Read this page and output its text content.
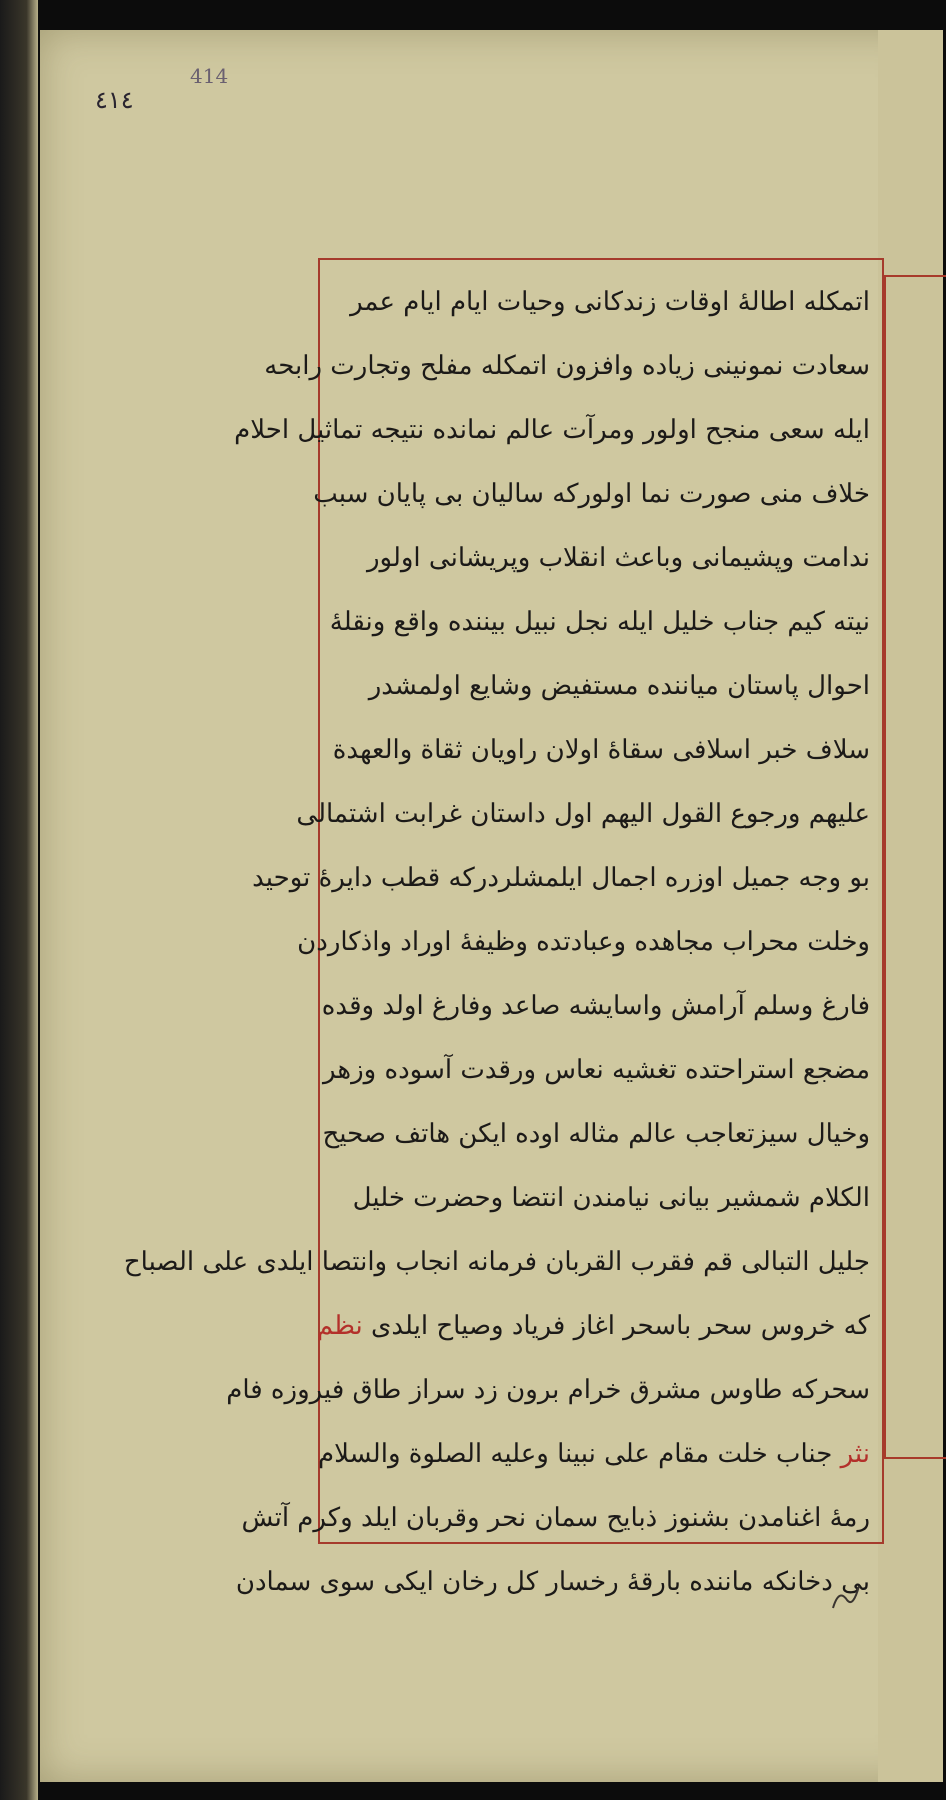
414
٤١٤
اتمکله اطالهٔ اوقات زندکانی وحیات ایام ایام عمر
سعادت نمونینی زیاده وافزون اتمکله مفلح وتجارت رابحه
ایله سعی منجح اولور ومرآت عالم نمانده نتیجه تماثیل احلام
خلاف منی صورت نما اولورکه سالیان بی پایان سبب
ندامت وپشیمانی وباعث انقلاب وپریشانی اولور
نیته کیم جناب خلیل ایله نجل نبیل بیننده واقع ونقلهٔ
احوال پاستان میاننده مستفیض وشایع اولمشدر
سلاف خبر اسلافی سقاهٔ اولان راویان ثقاة والعهدة
علیهم ورجوع القول الیهم اول داستان غرابت اشتمالی
بو وجه جمیل اوزره اجمال ایلمشلردرکه قطب دایرهٔ توحید
وخلت محراب مجاهده وعبادتده وظیفهٔ اوراد واذکاردن
فارغ وسلم آرامش واسایشه صاعد وفارغ اولد وقده
مضجع استراحتده تغشیه نعاس ورقدت آسوده وزهر
وخیال سیزتعاجب عالم مثاله اوده ایکن هاتف صحیح
الکلام شمشیر بیانی نیامندن انتضا وحضرت خلیل
جلیل التبالی قم فقرب القربان فرمانه انجاب وانتصا ایلدی علی الصباح
که خروس سحر باسحر اغاز فریاد وصیاح ایلدی نظم
سحرکه طاوس مشرق خرام برون زد سراز طاق فیروزه فام
نثر جناب خلت مقام علی نبینا وعلیه الصلوة والسلام
رمهٔ اغنامدن بشنوز ذبایح سمان نحر وقربان ایلد وکرم آتش
بی دخانکه ماننده بارقهٔ رخسار کل رخان ایکی سوی سمادن
